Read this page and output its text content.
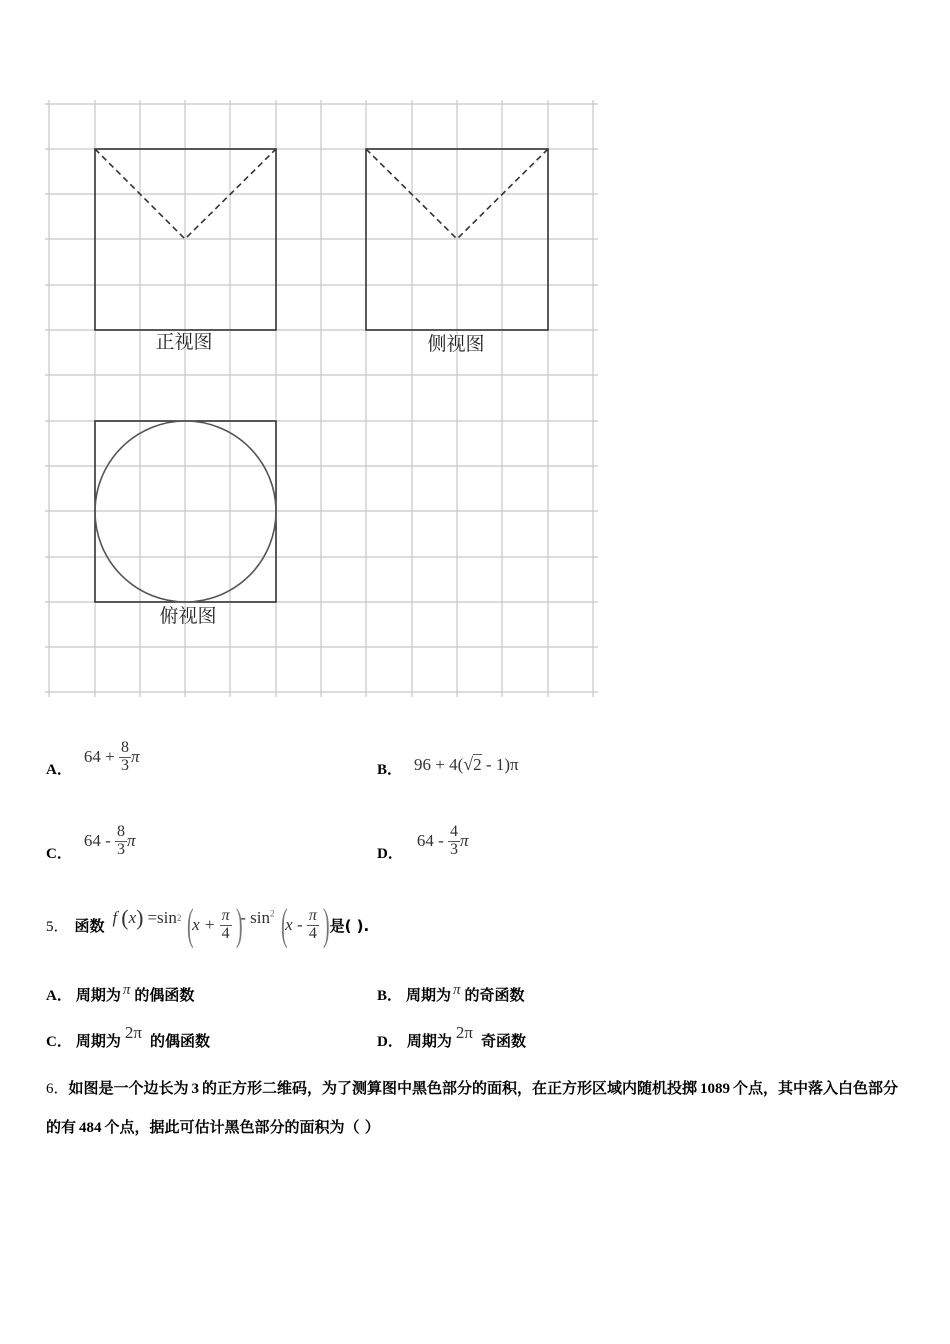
正视图	侧视图
俯视图
A．
64
+
$\frac{8}{3}$ π
B． 96 + 4(√2 - 1)π
C．
64
-
$\frac{8}{3}$ π
D．
64
-
$\frac{4}{3}$ π
5． 函数 f ( x ) =sin 2 (
x +
$\frac{\pi}{4}$ )
- $\sin^2$ (
x -
$\frac{\pi}{4}$ ) 是( ).
A． 周期为 π 的偶函数	B． 周期为 π 的奇函数
C． 周期为 2π 的偶函数	D． 周期为 2π 奇函数
6．如图是一个边长为 3 的正方形二维码，为了测算图中黑色部分的面积，在正方形区域内随机投掷 1089 个点，其中落入白色部分的有 484 个点，据此可估计黑色部分的面积为（ ）
